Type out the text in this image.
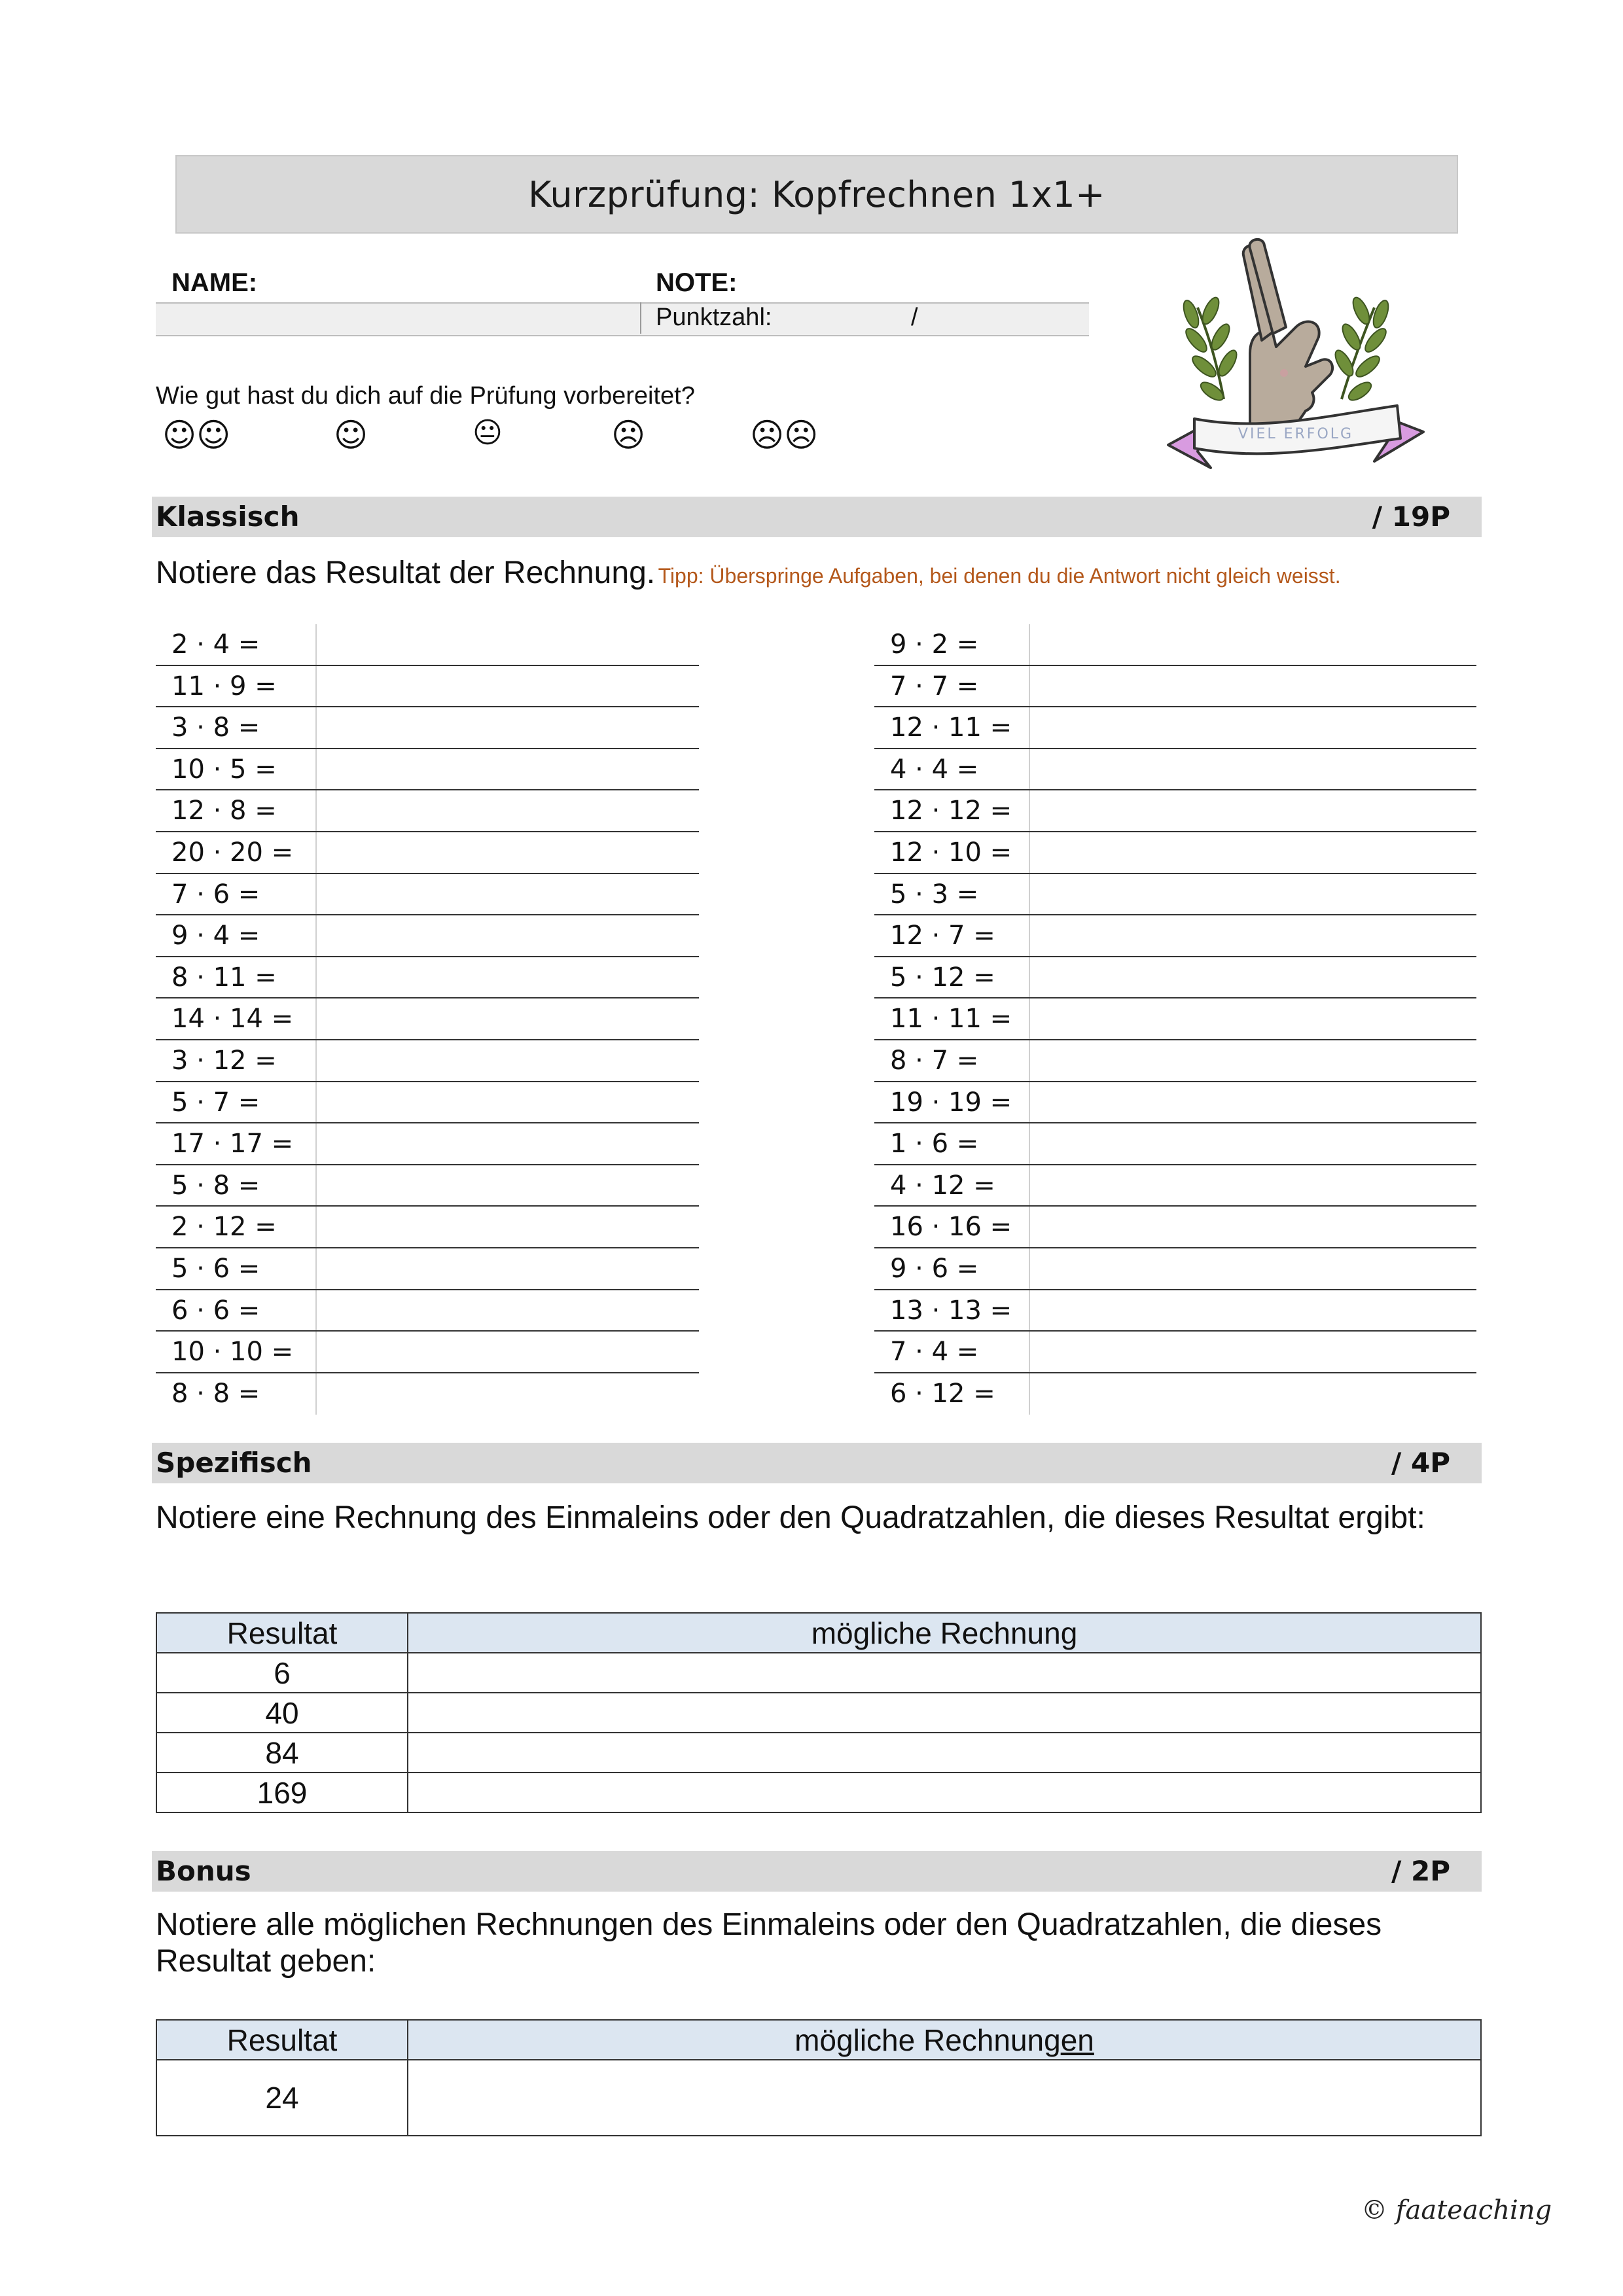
Kurzprüfung: Kopfrechnen 1x1+
NAME:	NOTE:
Punktzahl:	/
Wie gut hast du dich auf die Prüfung vorbereitet?
☺☺	☺	😐	☹	☹☹	VIEL ERFOLG
Klassisch	/ 19P
Notiere das Resultat der Rechnung. Tipp: Überspringe Aufgaben, bei denen du die Antwort nicht gleich weisst.
2 · 4 =
11 · 9 =
3 · 8 =
10 · 5 =
12 · 8 =
20 · 20 =
7 · 6 =
9 · 4 =
8 · 11 =
14 · 14 =
3 · 12 =
5 · 7 =
17 · 17 =
5 · 8 =
2 · 12 =
5 · 6 =
6 · 6 =
10 · 10 =
8 · 8 =
9 · 2 =
7 · 7 =
12 · 11 =
4 · 4 =
12 · 12 =
12 · 10 =
5 · 3 =
12 · 7 =
5 · 12 =
11 · 11 =
8 · 7 =
19 · 19 =
1 · 6 =
4 · 12 =
16 · 16 =
9 · 6 =
13 · 13 =
7 · 4 =
6 · 12 =
Spezifisch	/ 4P
Notiere eine Rechnung des Einmaleins oder den Quadratzahlen, die dieses Resultat ergibt:
Resultat	mögliche Rechnung
6	
40	
84	
169	
Bonus	/ 2P
Notiere alle möglichen Rechnungen des Einmaleins oder den Quadratzahlen, die dieses Resultat geben:
Resultat	mögliche Rechnungen
24	
© faateaching
